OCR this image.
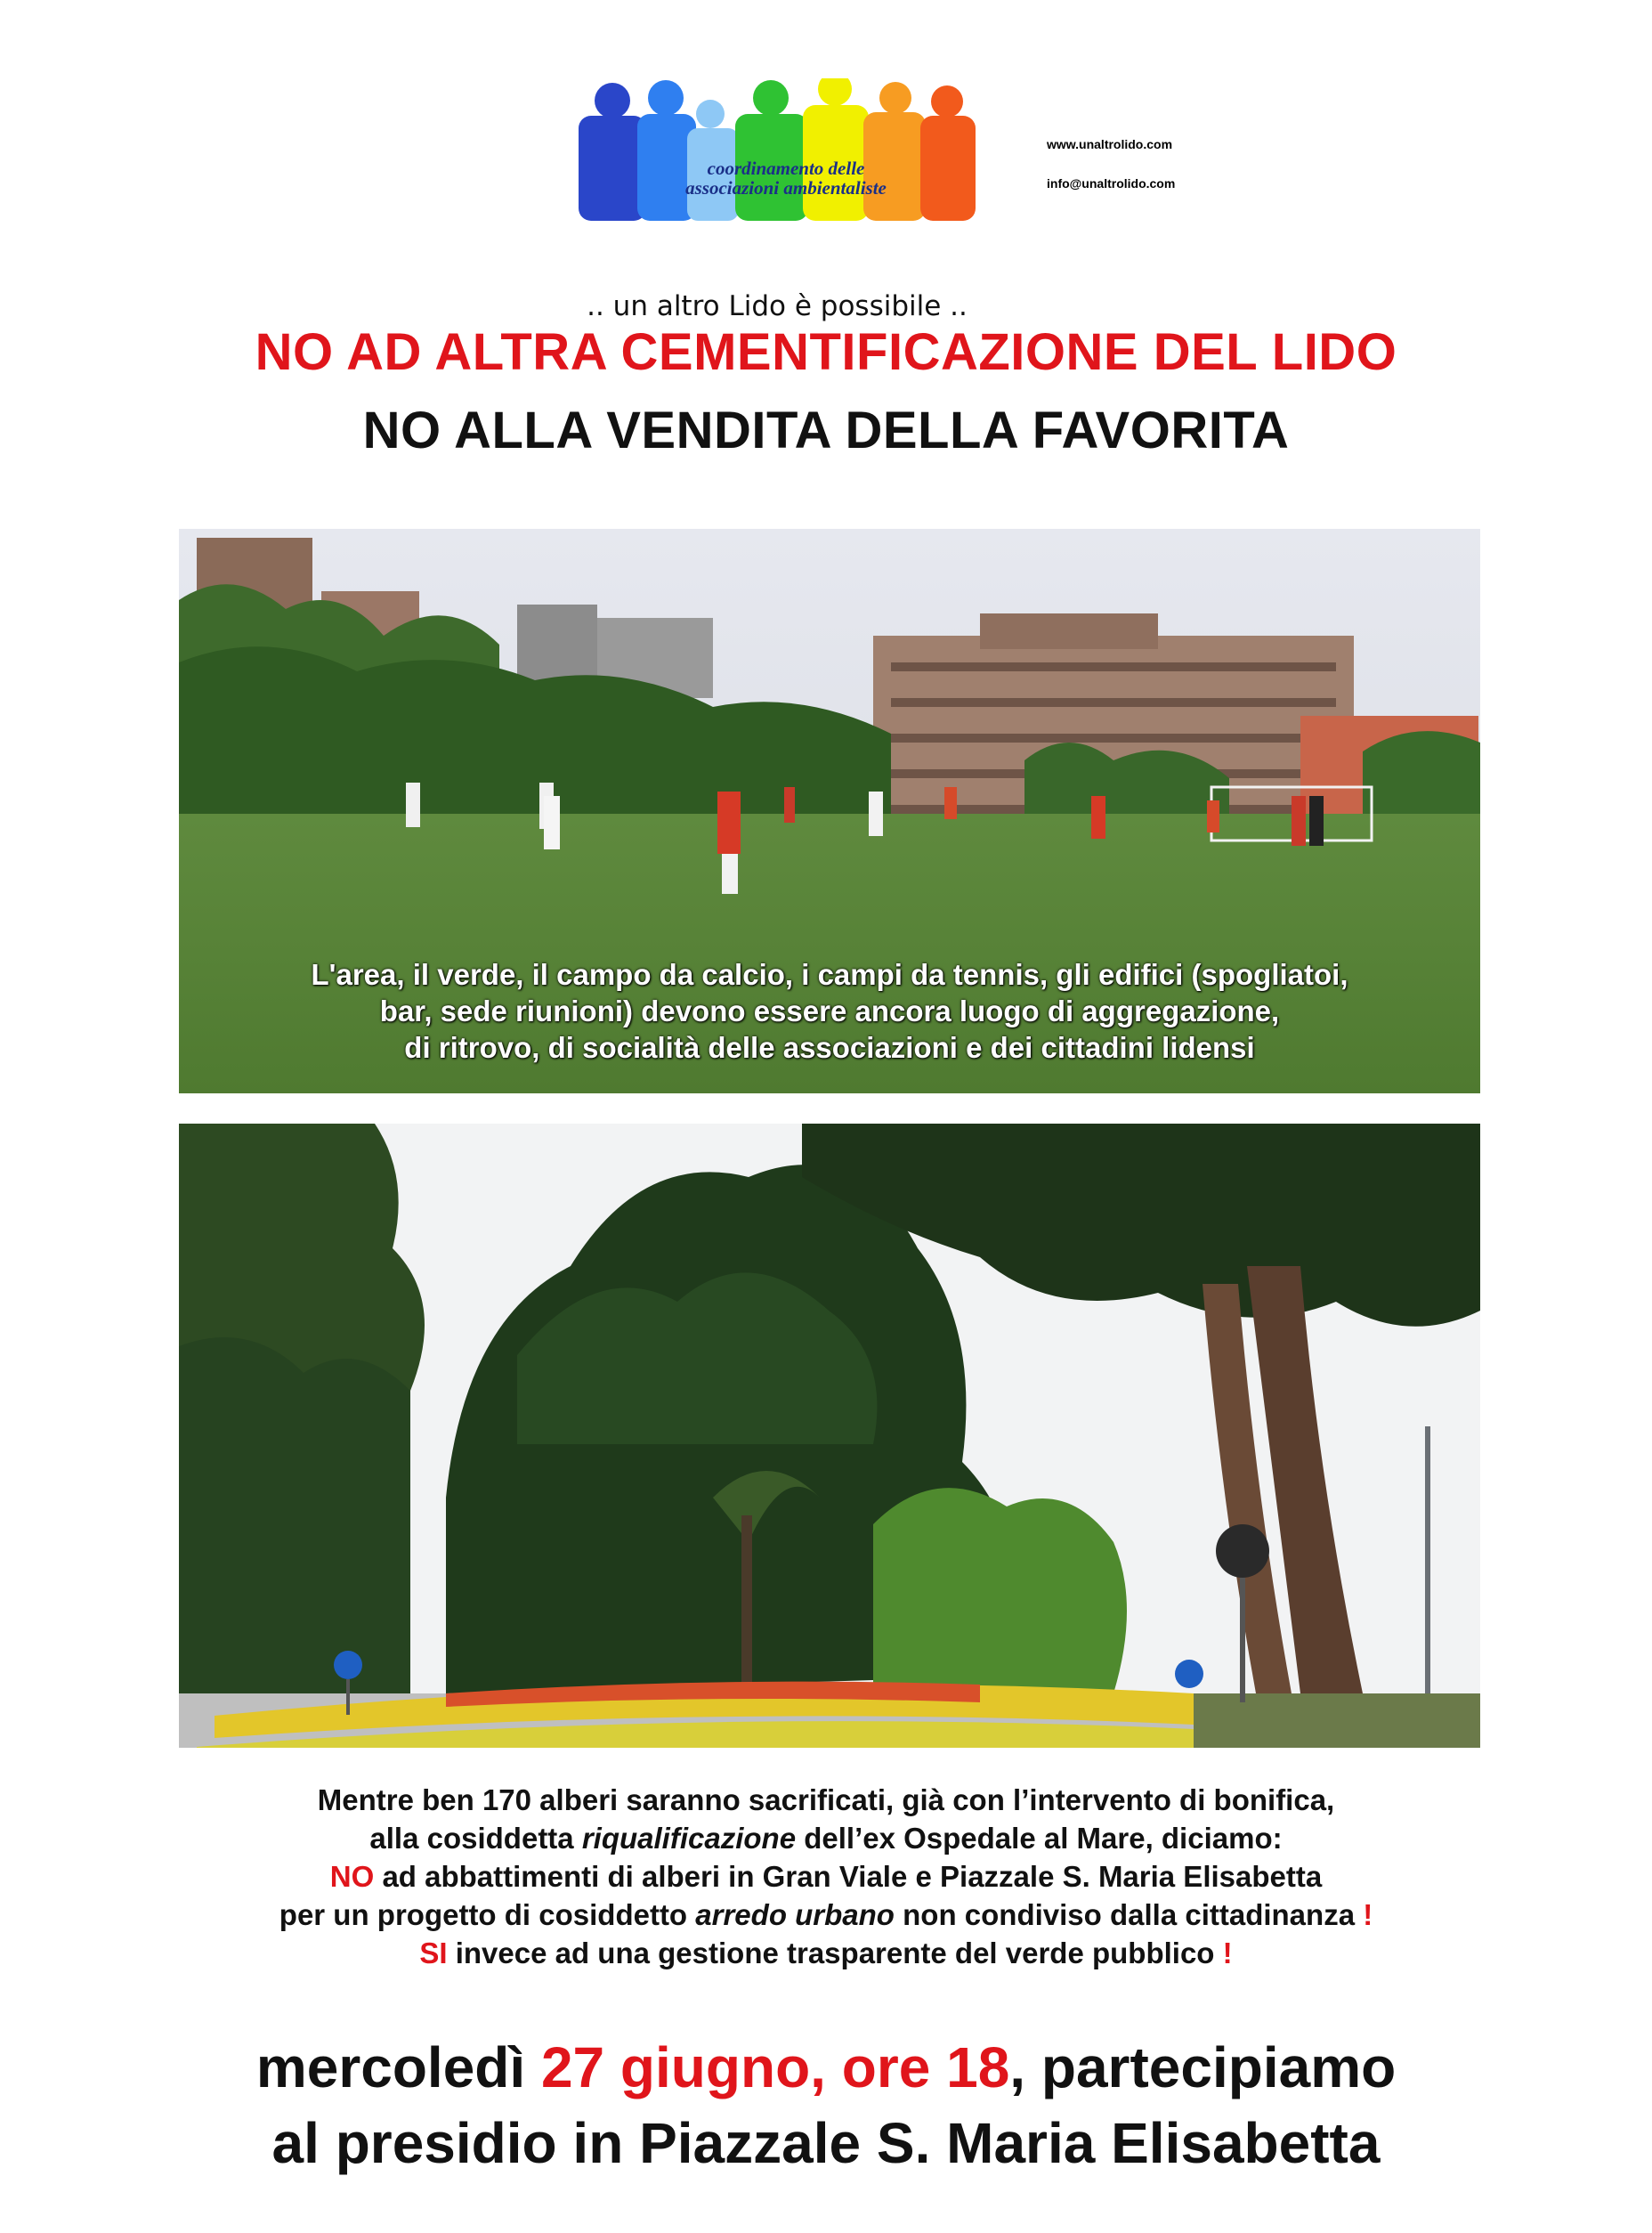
coordinamento delle
associazioni ambientaliste
.. un altro Lido è possibile ..
www.unaltrolido.com
info@unaltrolido.com
NO AD ALTRA CEMENTIFICAZIONE DEL LIDO
NO ALLA VENDITA DELLA FAVORITA
L'area, il verde, il campo da calcio, i campi da tennis, gli edifici (spogliatoi,
bar, sede riunioni) devono essere ancora luogo di aggregazione,
di ritrovo, di socialità delle associazioni e dei cittadini lidensi
Mentre ben 170 alberi saranno sacrificati, già con l’intervento di bonifica,
alla cosiddetta riqualificazione dell’ex Ospedale al Mare, diciamo:
NO ad abbattimenti di alberi in Gran Viale e Piazzale S. Maria Elisabetta
per un progetto di cosiddetto arredo urbano non condiviso dalla cittadinanza !
SI invece ad una gestione trasparente del verde pubblico !
mercoledì 27 giugno, ore 18, partecipiamo
al presidio in Piazzale S. Maria Elisabetta
